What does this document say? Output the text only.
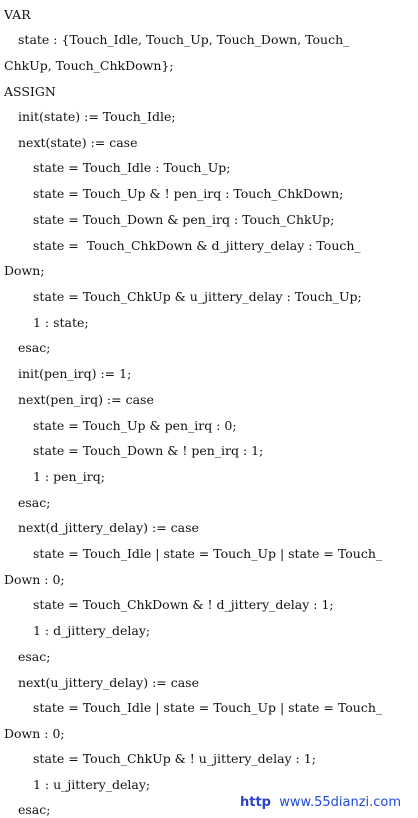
VAR
state : {Touch_Idle, Touch_Up, Touch_Down, Touch_
ChkUp, Touch_ChkDown};
ASSIGN
init(state) := Touch_Idle;
next(state) := case
state = Touch_Idle : Touch_Up;
state = Touch_Up & ! pen_irq : Touch_ChkDown;
state = Touch_Down & pen_irq : Touch_ChkUp;
state =  Touch_ChkDown & d_jittery_delay : Touch_
Down;
state = Touch_ChkUp & u_jittery_delay : Touch_Up;
1 : state;
esac;
init(pen_irq) := 1;
next(pen_irq) := case
state = Touch_Up & pen_irq : 0;
state = Touch_Down & ! pen_irq : 1;
1 : pen_irq;
esac;
next(d_jittery_delay) := case
state = Touch_Idle | state = Touch_Up | state = Touch_
Down : 0;
state = Touch_ChkDown & ! d_jittery_delay : 1;
1 : d_jittery_delay;
esac;
next(u_jittery_delay) := case
state = Touch_Idle | state = Touch_Up | state = Touch_
Down : 0;
state = Touch_ChkUp & ! u_jittery_delay : 1;
1 : u_jittery_delay;
esac;	http www.55dianzi.com
